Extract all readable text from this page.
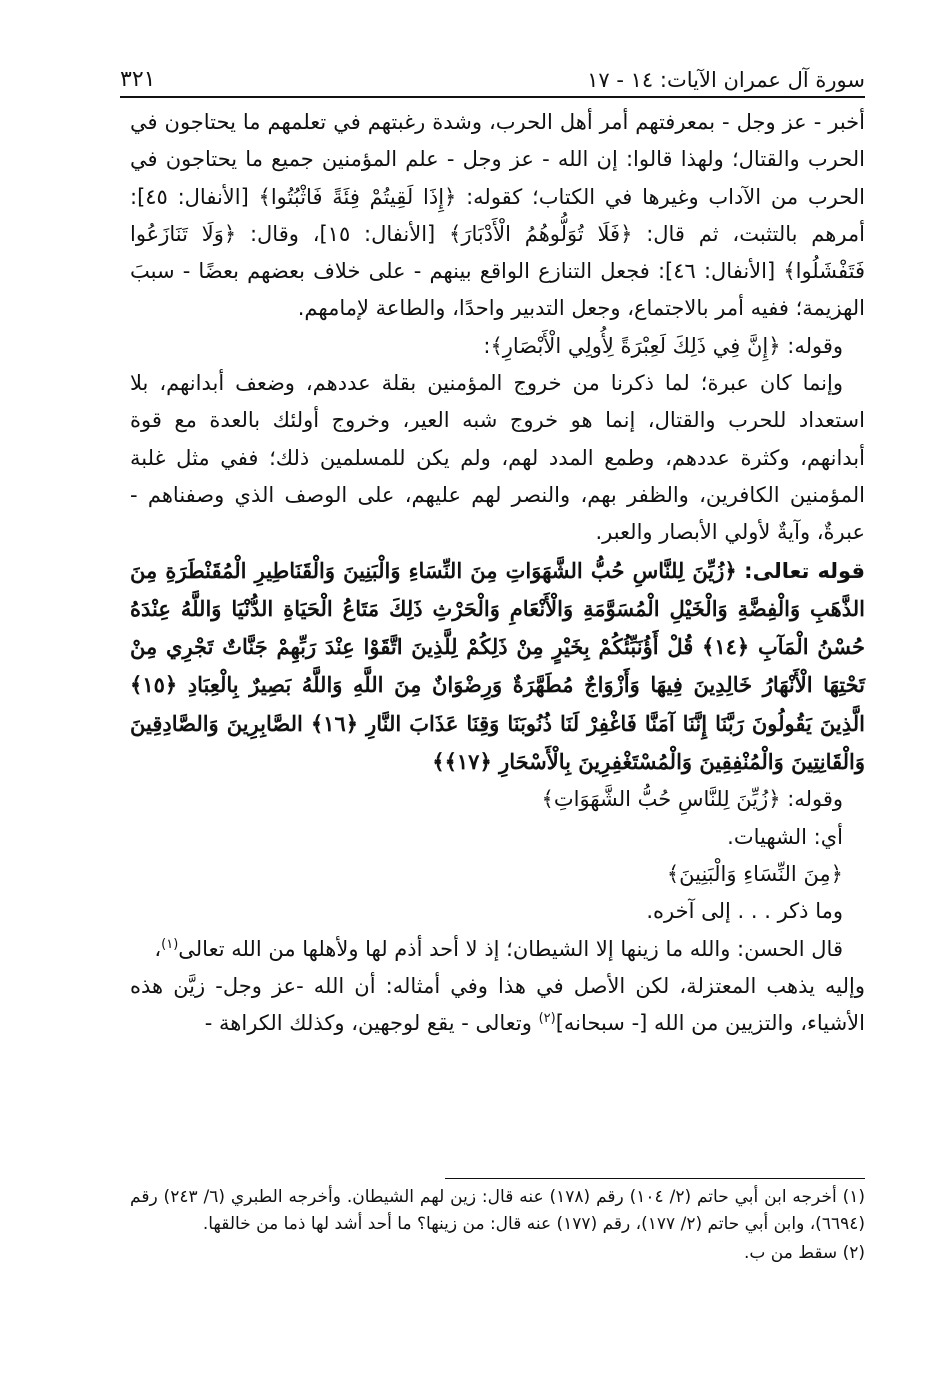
سورة آل عمران الآيات: ١٤ - ١٧
٣٢١

أخبر - عز وجل - بمعرفتهم أمر أهل الحرب، وشدة رغبتهم في تعلمهم ما يحتاجون في الحرب والقتال؛ ولهذا قالوا: إن الله - عز وجل - علم المؤمنين جميع ما يحتاجون في الحرب من الآداب وغيرها في الكتاب؛ كقوله: ﴿إِذَا لَقِيتُمْ فِئَةً فَاثْبُتُوا﴾ [الأنفال: ٤٥]: أمرهم بالتثبت، ثم قال: ﴿فَلَا تُوَلُّوهُمُ الْأَدْبَارَ﴾ [الأنفال: ١٥]، وقال: ﴿وَلَا تَنَازَعُوا فَتَفْشَلُوا﴾ [الأنفال: ٤٦]: فجعل التنازع الواقع بينهم - على خلاف بعضهم بعضًا - سببَ الهزيمة؛ ففيه أمر بالاجتماع، وجعل التدبير واحدًا، والطاعة لإمامهم.

وقوله: ﴿إِنَّ فِي ذَلِكَ لَعِبْرَةً لِأُولِي الْأَبْصَارِ﴾:

وإنما كان عبرة؛ لما ذكرنا من خروج المؤمنين بقلة عددهم، وضعف أبدانهم، بلا استعداد للحرب والقتال، إنما هو خروج شبه العير، وخروج أولئك بالعدة مع قوة أبدانهم، وكثرة عددهم، وطمع المدد لهم، ولم يكن للمسلمين ذلك؛ ففي مثل غلبة المؤمنين الكافرين، والظفر بهم، والنصر لهم عليهم، على الوصف الذي وصفناهم - عبرةٌ، وآيةٌ لأولي الأبصار والعبر.

قوله تعالى: ﴿زُيِّنَ لِلنَّاسِ حُبُّ الشَّهَوَاتِ مِنَ النِّسَاءِ وَالْبَنِينَ وَالْقَنَاطِيرِ الْمُقَنْطَرَةِ مِنَ الذَّهَبِ وَالْفِضَّةِ وَالْخَيْلِ الْمُسَوَّمَةِ وَالْأَنْعَامِ وَالْحَرْثِ ذَلِكَ مَتَاعُ الْحَيَاةِ الدُّنْيَا وَاللَّهُ عِنْدَهُ حُسْنُ الْمَآبِ ﴿١٤﴾ قُلْ أَؤُنَبِّئُكُمْ بِخَيْرٍ مِنْ ذَلِكُمْ لِلَّذِينَ اتَّقَوْا عِنْدَ رَبِّهِمْ جَنَّاتٌ تَجْرِي مِنْ تَحْتِهَا الْأَنْهَارُ خَالِدِينَ فِيهَا وَأَزْوَاجٌ مُطَهَّرَةٌ وَرِضْوَانٌ مِنَ اللَّهِ وَاللَّهُ بَصِيرٌ بِالْعِبَادِ ﴿١٥﴾ الَّذِينَ يَقُولُونَ رَبَّنَا إِنَّنَا آمَنَّا فَاغْفِرْ لَنَا ذُنُوبَنَا وَقِنَا عَذَابَ النَّارِ ﴿١٦﴾ الصَّابِرِينَ وَالصَّادِقِينَ وَالْقَانِتِينَ وَالْمُنْفِقِينَ وَالْمُسْتَغْفِرِينَ بِالْأَسْحَارِ ﴿١٧﴾﴾

وقوله: ﴿زُيِّنَ لِلنَّاسِ حُبُّ الشَّهَوَاتِ﴾

أي: الشهيات.

﴿مِنَ النِّسَاءِ وَالْبَنِينَ﴾

وما ذكر . . . إلى آخره.

قال الحسن: والله ما زينها إلا الشيطان؛ إذ لا أحد أذم لها ولأهلها من الله تعالى$^{(١)}$،

وإليه يذهب المعتزلة، لكن الأصل في هذا وفي أمثاله: أن الله -عز وجل- زيَّن هذه الأشياء، والتزيين من الله [- سبحانه]$^{(٢)}$ وتعالى - يقع لوجهين، وكذلك الكراهة -

(١) أخرجه ابن أبي حاتم (٢/ ١٠٤) رقم (١٧٨) عنه قال: زين لهم الشيطان. وأخرجه الطبري (٦/ ٢٤٣) رقم (٦٦٩٤)، وابن أبي حاتم (٢/ ١٧٧)، رقم (١٧٧) عنه قال: من زينها؟ ما أحد أشد لها ذما من خالقها.

(٢) سقط من ب.
